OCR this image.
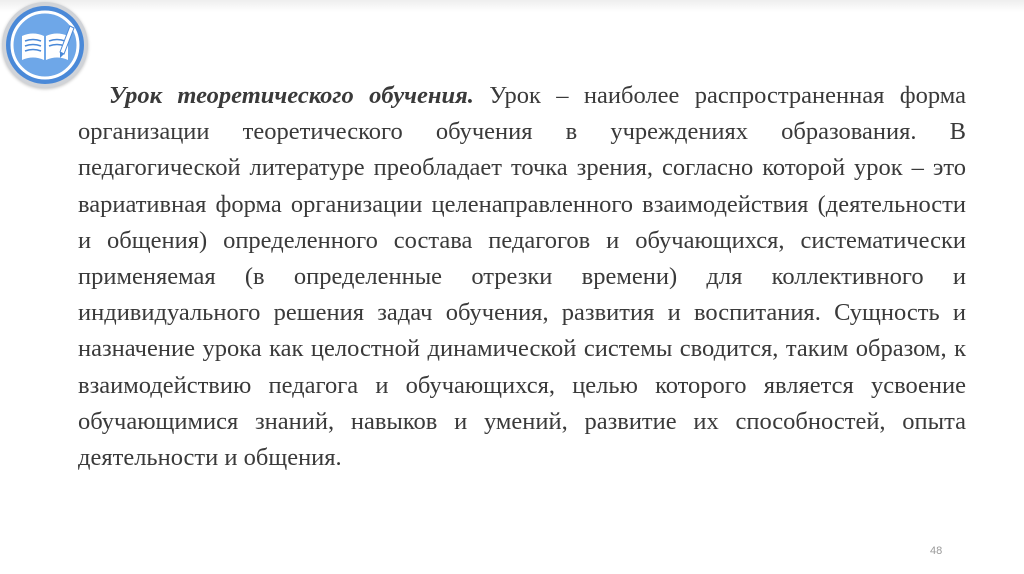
Урок теоретического обучения. Урок – наиболее распространенная форма организации теоретического обучения в учреждениях образования. В педагогической литературе преобладает точка зрения, согласно которой урок – это вариативная форма организации целенаправленного взаимодействия (деятельности и общения) определенного состава педагогов и обучающихся, систематически применяемая (в определенные отрезки времени) для коллективного и индивидуального решения задач обучения, развития и воспитания. Сущность и назначение урока как целостной динамической системы сводится, таким образом, к взаимодействию педагога и обучающихся, целью которого является усвоение обучающимися знаний, навыков и умений, развитие их способностей, опыта деятельности и общения.

48
